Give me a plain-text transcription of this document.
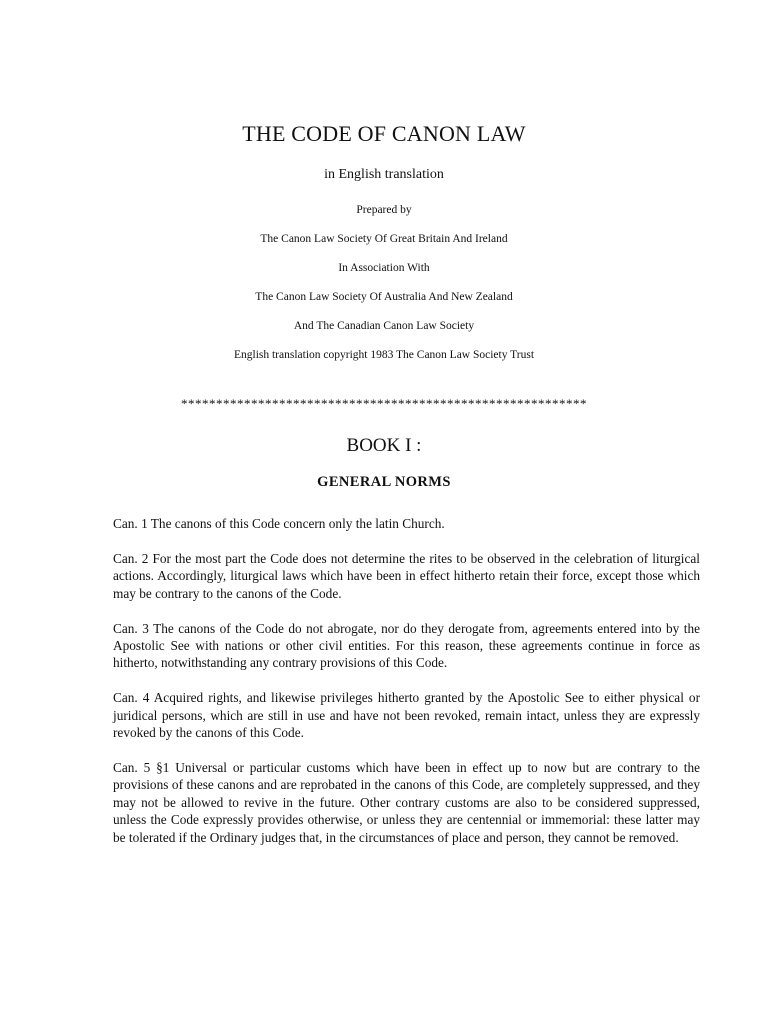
THE CODE OF CANON LAW
in English translation
Prepared by
The Canon Law Society Of Great Britain And Ireland
In Association With
The Canon Law Society Of Australia And New Zealand
And The Canadian Canon Law Society
English translation copyright 1983 The Canon Law Society Trust
**********************************************************
BOOK I :
GENERAL NORMS

Can. 1 The canons of this Code concern only the latin Church.

Can. 2 For the most part the Code does not determine the rites to be observed in the celebration of liturgical actions. Accordingly, liturgical laws which have been in effect hitherto retain their force, except those which may be contrary to the canons of the Code.

Can. 3 The canons of the Code do not abrogate, nor do they derogate from, agreements entered into by the Apostolic See with nations or other civil entities. For this reason, these agreements continue in force as hitherto, notwithstanding any contrary provisions of this Code.

Can. 4 Acquired rights, and likewise privileges hitherto granted by the Apostolic See to either physical or juridical persons, which are still in use and have not been revoked, remain intact, unless they are expressly revoked by the canons of this Code.

Can. 5 §1 Universal or particular customs which have been in effect up to now but are contrary to the provisions of these canons and are reprobated in the canons of this Code, are completely suppressed, and they may not be allowed to revive in the future. Other contrary customs are also to be considered suppressed, unless the Code expressly provides otherwise, or unless they are centennial or immemorial: these latter may be tolerated if the Ordinary judges that, in the circumstances of place and person, they cannot be removed.
